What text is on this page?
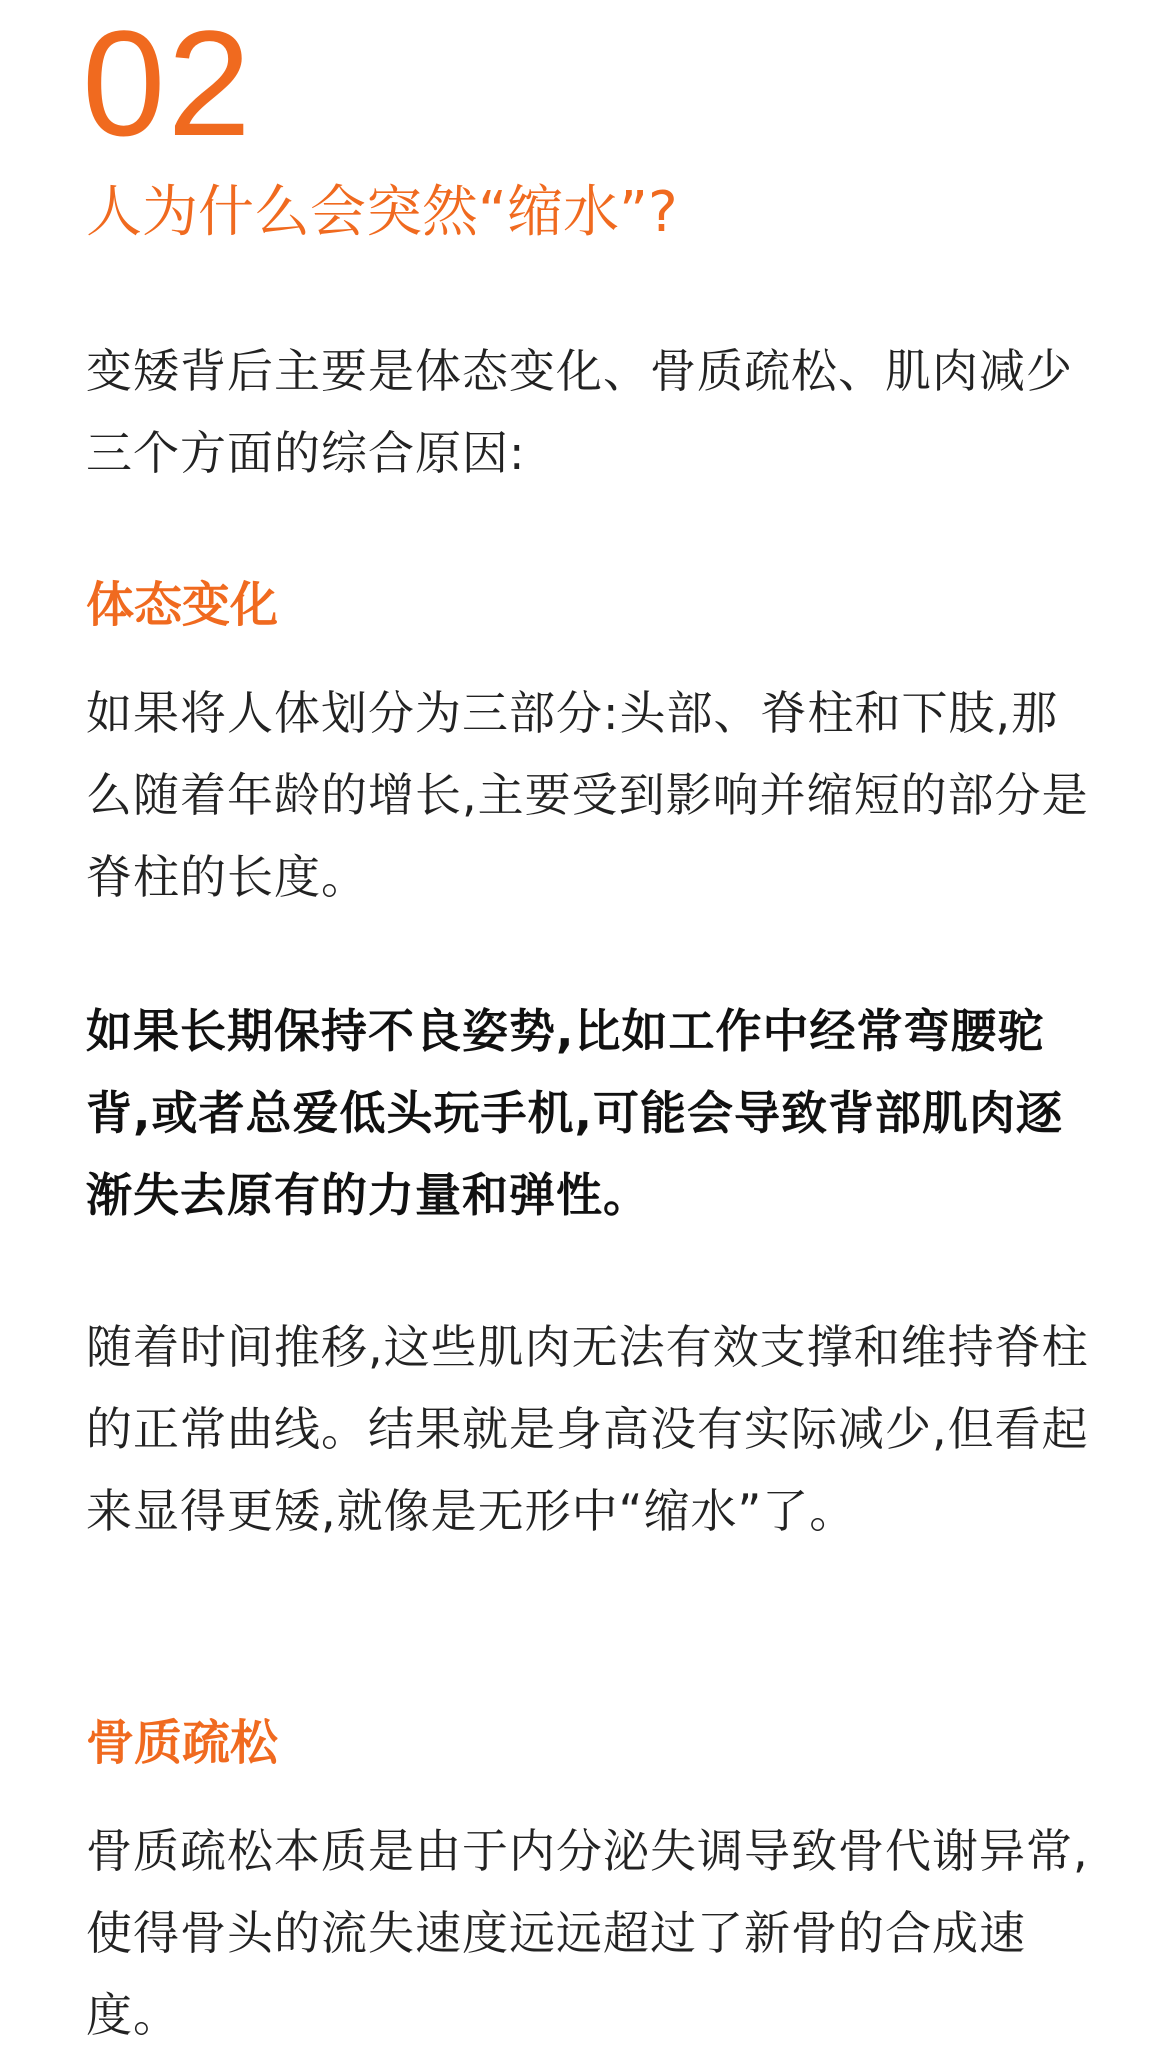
02
人为什么会突然“缩水”?

变矮背后主要是体态变化、骨质疏松、肌肉减少三个方面的综合原因:

体态变化

如果将人体划分为三部分:头部、脊柱和下肢,那么随着年龄的增长,主要受到影响并缩短的部分是脊柱的长度。

如果长期保持不良姿势,比如工作中经常弯腰驼背,或者总爱低头玩手机,可能会导致背部肌肉逐渐失去原有的力量和弹性。

随着时间推移,这些肌肉无法有效支撑和维持脊柱的正常曲线。结果就是身高没有实际减少,但看起来显得更矮,就像是无形中“缩水”了。

骨质疏松

骨质疏松本质是由于内分泌失调导致骨代谢异常,使得骨头的流失速度远远超过了新骨的合成速度。
